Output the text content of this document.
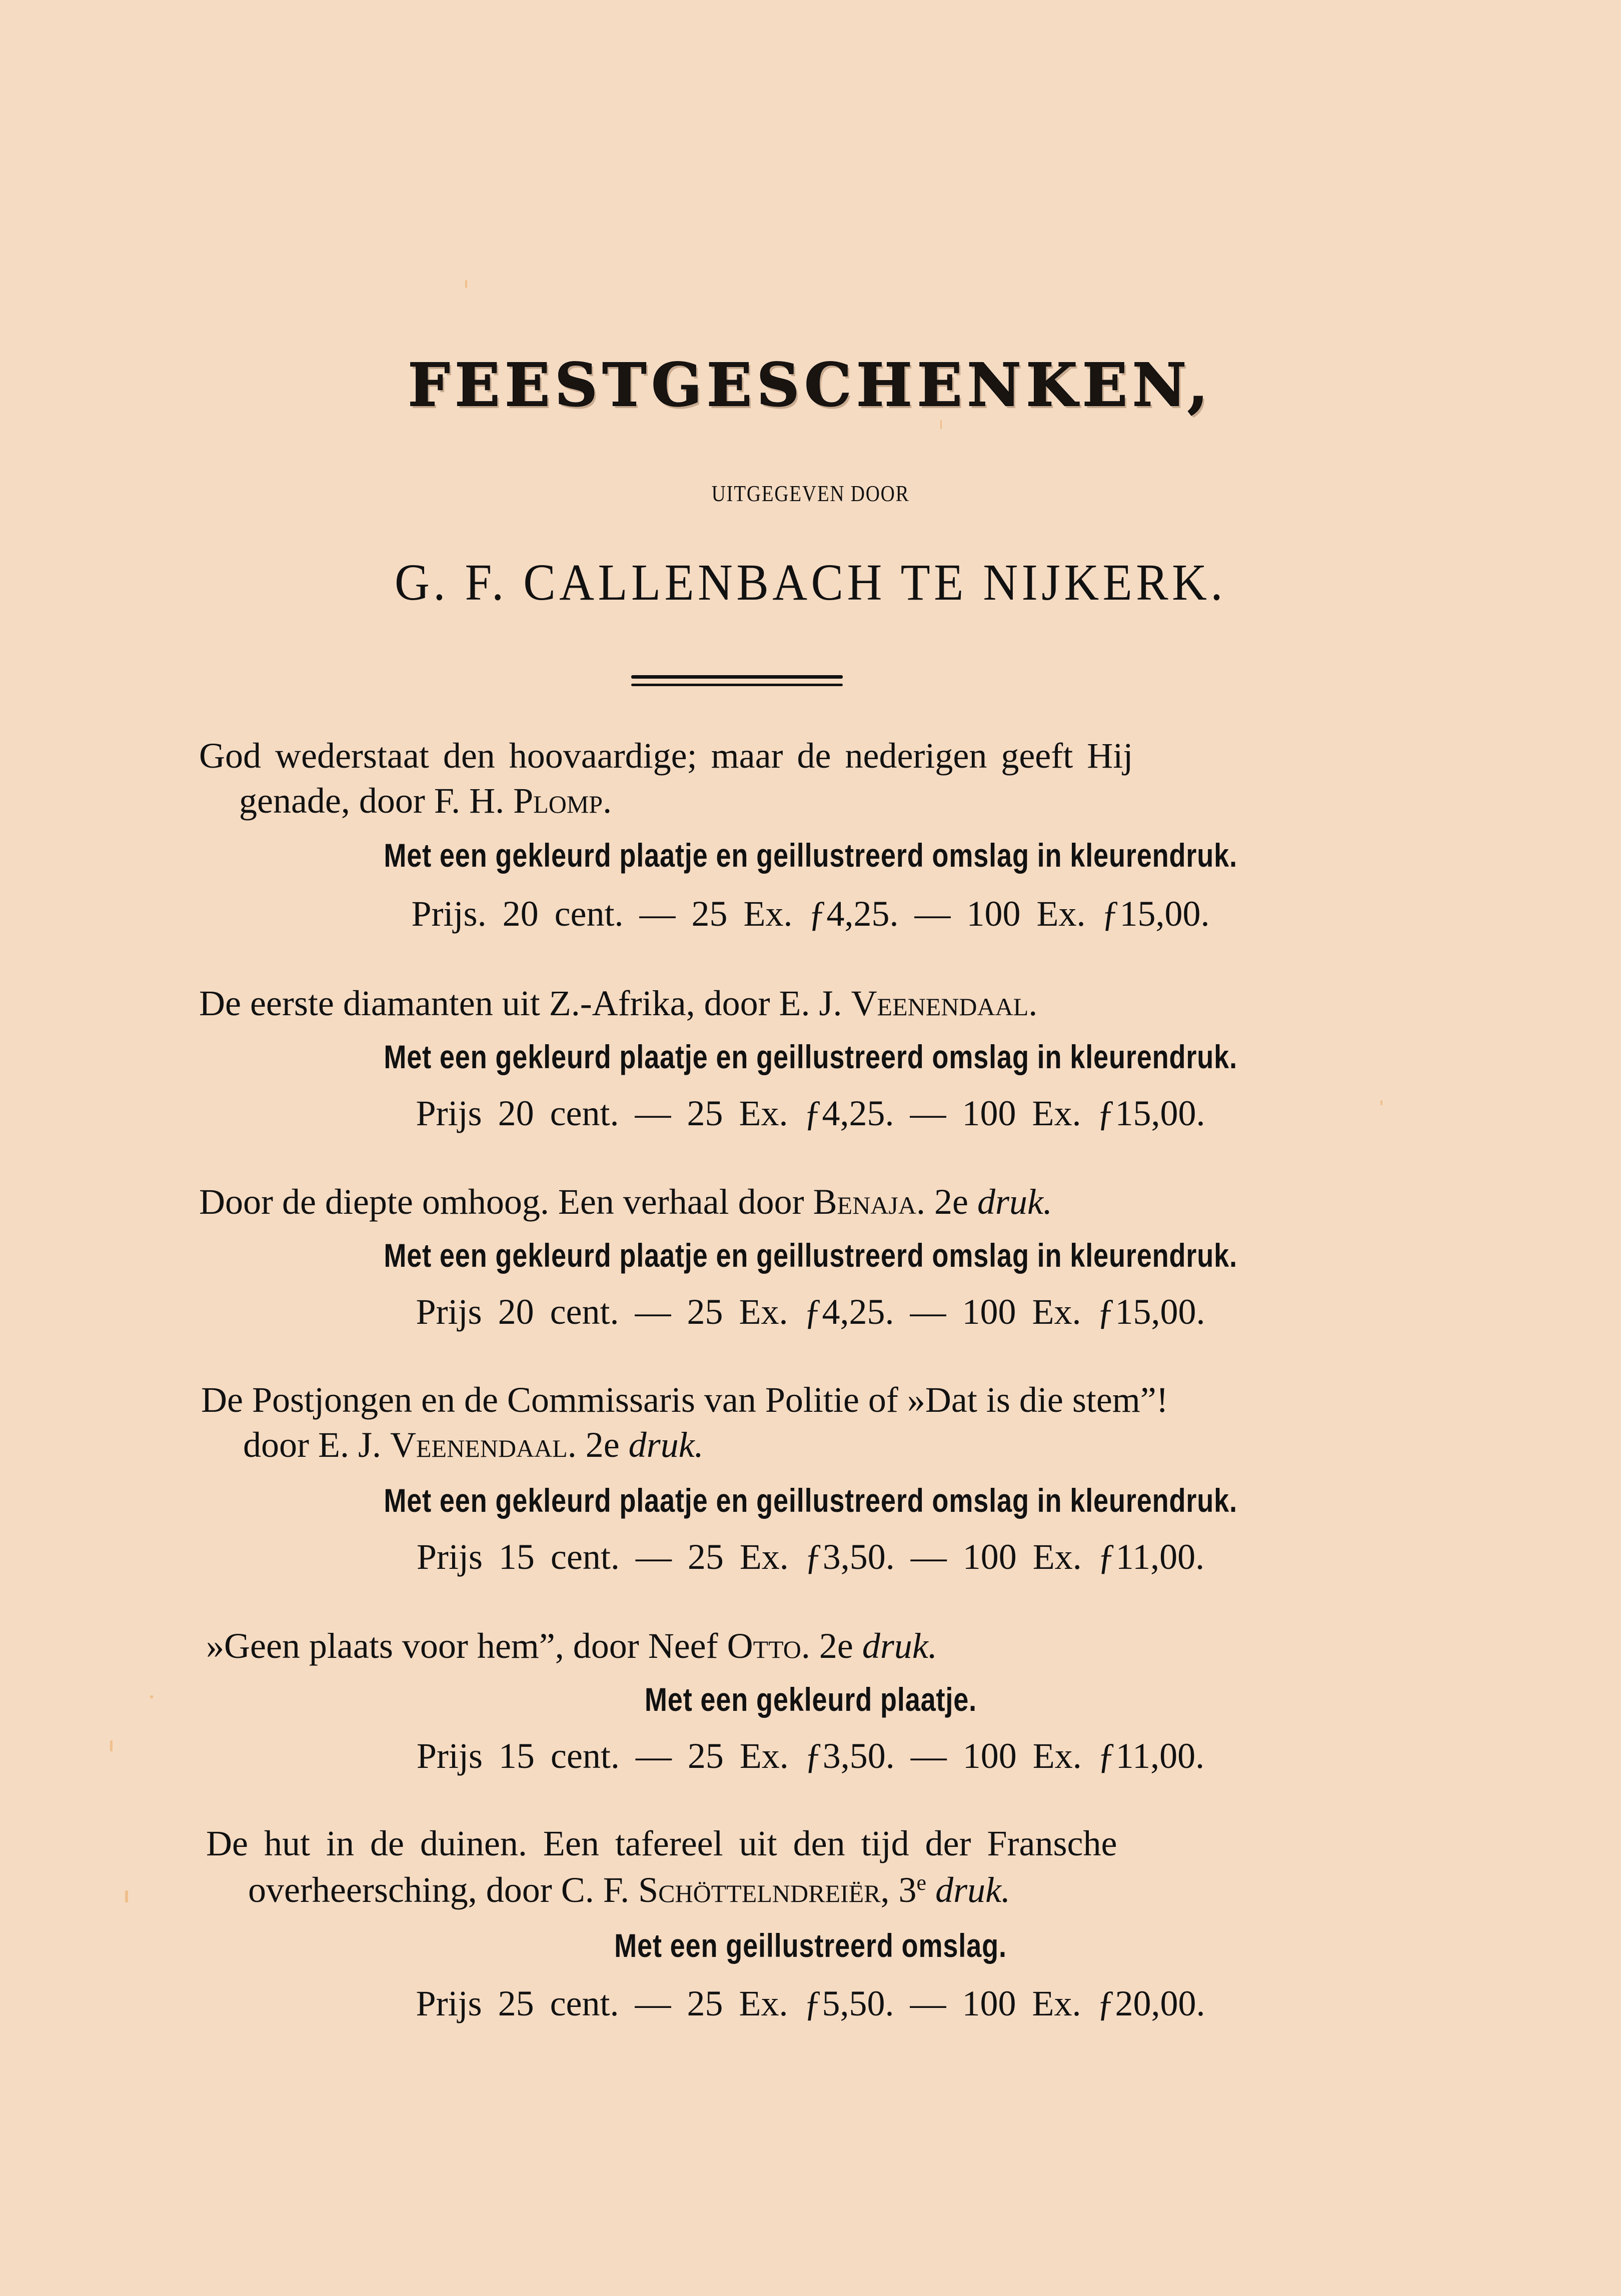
FEESTGESCHENKEN,
UITGEGEVEN DOOR
G. F. CALLENBACH TE NIJKERK.
God wederstaat den hoovaardige; maar de nederigen geeft Hij
genade, door F. H. Plomp.
Met een gekleurd plaatje en geillustreerd omslag in kleurendruk.
Prijs. 20 cent. — 25 Ex. ƒ4,25. — 100 Ex. ƒ15,00.
De eerste diamanten uit Z.-Afrika, door E. J. Veenendaal.
Met een gekleurd plaatje en geillustreerd omslag in kleurendruk.
Prijs 20 cent. — 25 Ex. ƒ4,25. — 100 Ex. ƒ15,00.
Door de diepte omhoog. Een verhaal door Benaja. 2e druk.
Met een gekleurd plaatje en geillustreerd omslag in kleurendruk.
Prijs 20 cent. — 25 Ex. ƒ4,25. — 100 Ex. ƒ15,00.
De Postjongen en de Commissaris van Politie of »Dat is die stem”!
door E. J. Veenendaal. 2e druk.
Met een gekleurd plaatje en geillustreerd omslag in kleurendruk.
Prijs 15 cent. — 25 Ex. ƒ3,50. — 100 Ex. ƒ11,00.
»Geen plaats voor hem”, door Neef Otto. 2e druk.
Met een gekleurd plaatje.
Prijs 15 cent. — 25 Ex. ƒ3,50. — 100 Ex. ƒ11,00.
De hut in de duinen. Een tafereel uit den tijd der Fransche
overheersching, door C. F. Schöttelndreiër, 3e druk.
Met een geillustreerd omslag.
Prijs 25 cent. — 25 Ex. ƒ5,50. — 100 Ex. ƒ20,00.
